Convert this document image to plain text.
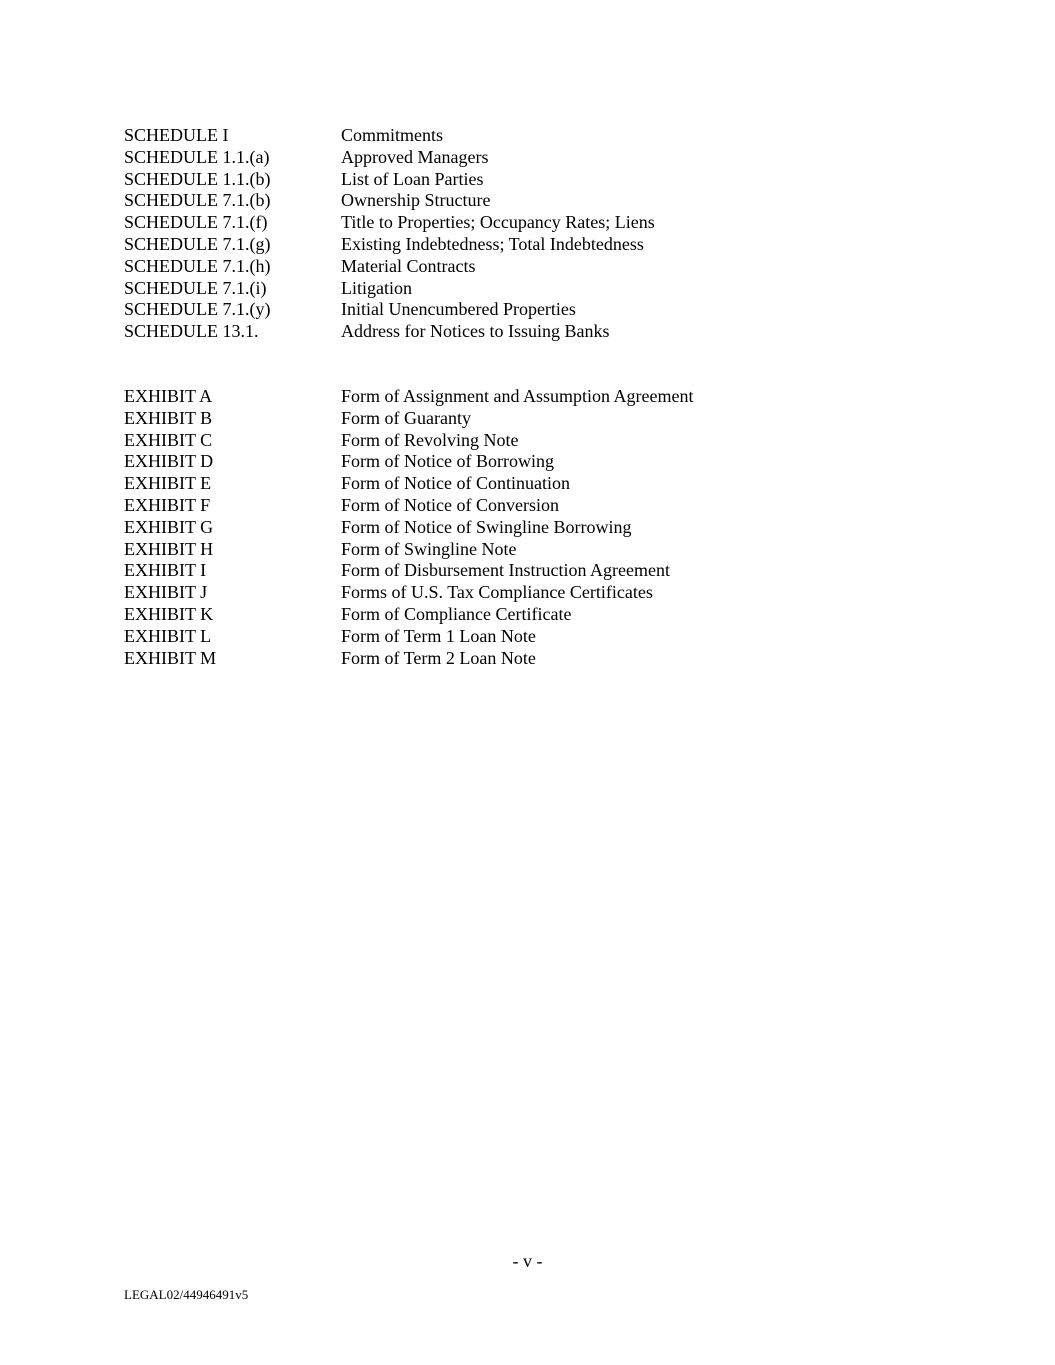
SCHEDULE I	Commitments
SCHEDULE 1.1.(a)	Approved Managers
SCHEDULE 1.1.(b)	List of Loan Parties
SCHEDULE 7.1.(b)	Ownership Structure
SCHEDULE 7.1.(f)	Title to Properties; Occupancy Rates; Liens
SCHEDULE 7.1.(g)	Existing Indebtedness; Total Indebtedness
SCHEDULE 7.1.(h)	Material Contracts
SCHEDULE 7.1.(i)	Litigation
SCHEDULE 7.1.(y)	Initial Unencumbered Properties
SCHEDULE 13.1.	Address for Notices to Issuing Banks
EXHIBIT A	Form of Assignment and Assumption Agreement
EXHIBIT B	Form of Guaranty
EXHIBIT C	Form of Revolving Note
EXHIBIT D	Form of Notice of Borrowing
EXHIBIT E	Form of Notice of Continuation
EXHIBIT F	Form of Notice of Conversion
EXHIBIT G	Form of Notice of Swingline Borrowing
EXHIBIT H	Form of Swingline Note
EXHIBIT I	Form of Disbursement Instruction Agreement
EXHIBIT J	Forms of U.S. Tax Compliance Certificates
EXHIBIT K	Form of Compliance Certificate
EXHIBIT L	Form of Term 1 Loan Note
EXHIBIT M	Form of Term 2 Loan Note
- v -
LEGAL02/44946491v5
